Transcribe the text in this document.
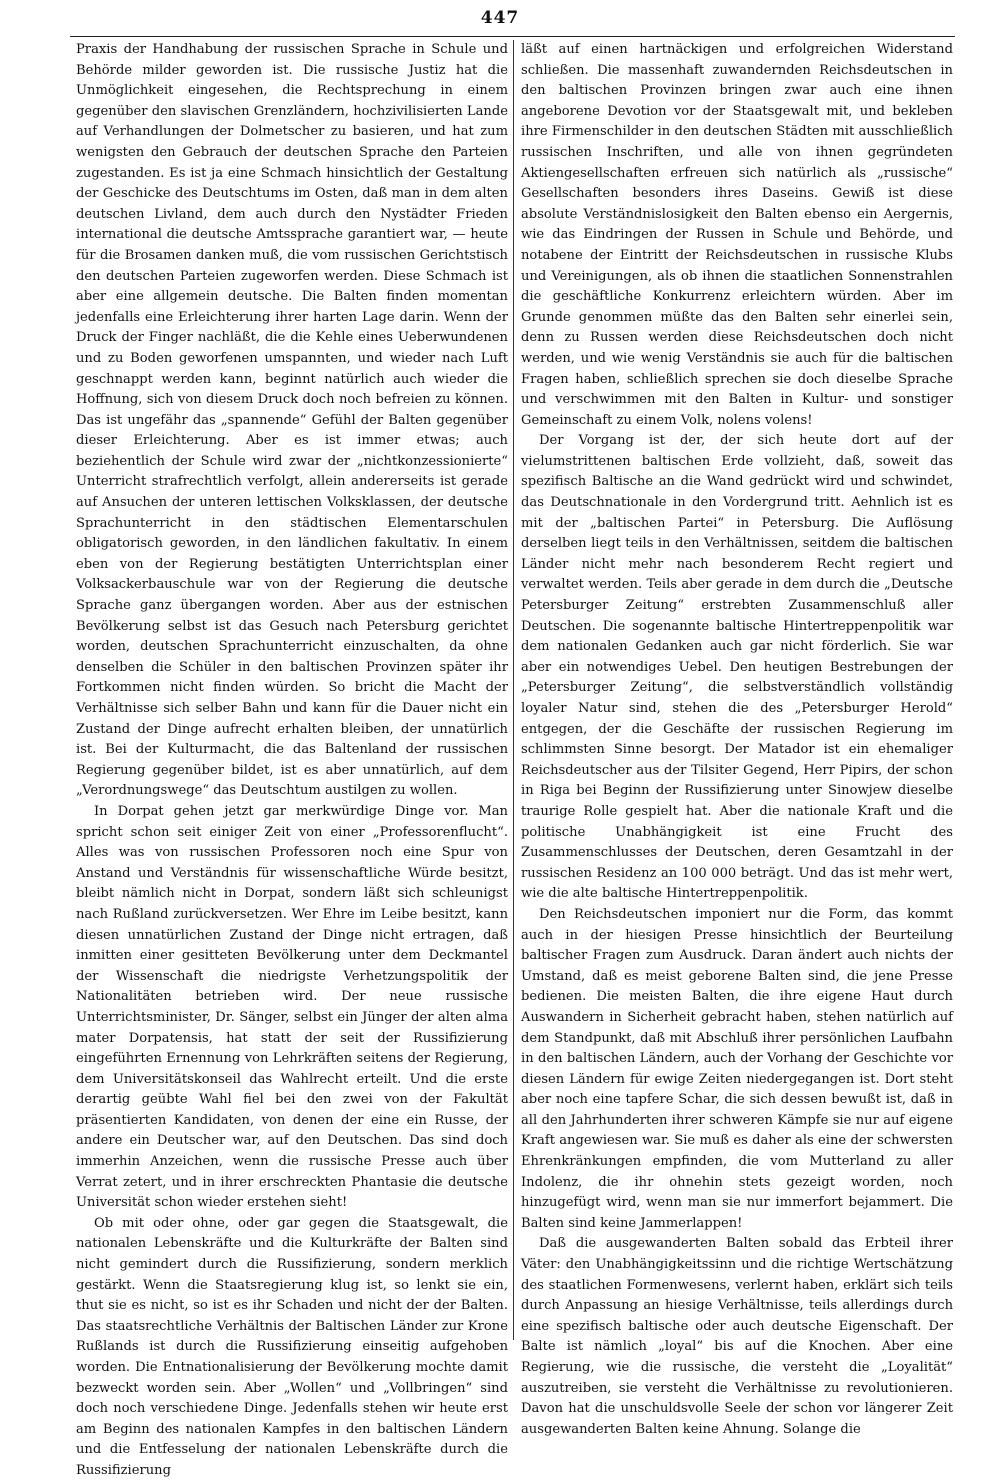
447

Praxis der Handhabung der russischen Sprache in Schule und Behörde milder geworden ist. Die russische Justiz hat die Unmöglichkeit eingesehen, die Rechtsprechung in einem gegenüber den slavischen Grenzländern, hochzivilisierten Lande auf Verhandlungen der Dolmetscher zu basieren, und hat zum wenigsten den Gebrauch der deutschen Sprache den Parteien zugestanden. Es ist ja eine Schmach hinsichtlich der Gestaltung der Geschicke des Deutschtums im Osten, daß man in dem alten deutschen Livland, dem auch durch den Nystädter Frieden international die deutsche Amtssprache garantiert war, — heute für die Brosamen danken muß, die vom russischen Gerichtstisch den deutschen Parteien zugeworfen werden. Diese Schmach ist aber eine allgemein deutsche. Die Balten finden momentan jedenfalls eine Erleichterung ihrer harten Lage darin. Wenn der Druck der Finger nachläßt, die die Kehle eines Ueberwundenen und zu Boden geworfenen umspannten, und wieder nach Luft geschnappt werden kann, beginnt natürlich auch wieder die Hoffnung, sich von diesem Druck doch noch befreien zu können. Das ist ungefähr das „spannende“ Gefühl der Balten gegenüber dieser Erleichterung. Aber es ist immer etwas; auch beziehentlich der Schule wird zwar der „nichtkonzessionierte“ Unterricht strafrechtlich verfolgt, allein andererseits ist gerade auf Ansuchen der unteren lettischen Volksklassen, der deutsche Sprachunterricht in den städtischen Elementarschulen obligatorisch geworden, in den ländlichen fakultativ. In einem eben von der Regierung bestätigten Unterrichtsplan einer Volksackerbauschule war von der Regierung die deutsche Sprache ganz übergangen worden. Aber aus der estnischen Bevölkerung selbst ist das Gesuch nach Petersburg gerichtet worden, deutschen Sprachunterricht einzuschalten, da ohne denselben die Schüler in den baltischen Provinzen später ihr Fortkommen nicht finden würden. So bricht die Macht der Verhältnisse sich selber Bahn und kann für die Dauer nicht ein Zustand der Dinge aufrecht erhalten bleiben, der unnatürlich ist. Bei der Kulturmacht, die das Baltenland der russischen Regierung gegenüber bildet, ist es aber unnatürlich, auf dem „Verordnungswege“ das Deutschtum austilgen zu wollen.

In Dorpat gehen jetzt gar merkwürdige Dinge vor. Man spricht schon seit einiger Zeit von einer „Professorenflucht“. Alles was von russischen Professoren noch eine Spur von Anstand und Verständnis für wissenschaftliche Würde besitzt, bleibt nämlich nicht in Dorpat, sondern läßt sich schleunigst nach Rußland zurückversetzen. Wer Ehre im Leibe besitzt, kann diesen unnatürlichen Zustand der Dinge nicht ertragen, daß inmitten einer gesitteten Bevölkerung unter dem Deckmantel der Wissenschaft die niedrigste Verhetzungspolitik der Nationalitäten betrieben wird. Der neue russische Unterrichtsminister, Dr. Sänger, selbst ein Jünger der alten alma mater Dorpatensis, hat statt der seit der Russifizierung eingeführten Ernennung von Lehrkräften seitens der Regierung, dem Universitätskonseil das Wahlrecht erteilt. Und die erste derartig geübte Wahl fiel bei den zwei von der Fakultät präsentierten Kandidaten, von denen der eine ein Russe, der andere ein Deutscher war, auf den Deutschen. Das sind doch immerhin Anzeichen, wenn die russische Presse auch über Verrat zetert, und in ihrer erschreckten Phantasie die deutsche Universität schon wieder erstehen sieht!

Ob mit oder ohne, oder gar gegen die Staatsgewalt, die nationalen Lebenskräfte und die Kulturkräfte der Balten sind nicht gemindert durch die Russifizierung, sondern merklich gestärkt. Wenn die Staatsregierung klug ist, so lenkt sie ein, thut sie es nicht, so ist es ihr Schaden und nicht der der Balten. Das staatsrechtliche Verhältnis der Baltischen Länder zur Krone Rußlands ist durch die Russifizierung einseitig aufgehoben worden. Die Entnationalisierung der Bevölkerung mochte damit bezweckt worden sein. Aber „Wollen“ und „Vollbringen“ sind doch noch verschiedene Dinge. Jedenfalls stehen wir heute erst am Beginn des nationalen Kampfes in den baltischen Ländern und die Entfesselung der nationalen Lebenskräfte durch die Russifizierung

läßt auf einen hartnäckigen und erfolgreichen Widerstand schließen. Die massenhaft zuwandernden Reichsdeutschen in den baltischen Provinzen bringen zwar auch eine ihnen angeborene Devotion vor der Staatsgewalt mit, und bekleben ihre Firmenschilder in den deutschen Städten mit ausschließlich russischen Inschriften, und alle von ihnen gegründeten Aktiengesellschaften erfreuen sich natürlich als „russische“ Gesellschaften besonders ihres Daseins. Gewiß ist diese absolute Verständnislosigkeit den Balten ebenso ein Aergernis, wie das Eindringen der Russen in Schule und Behörde, und notabene der Eintritt der Reichsdeutschen in russische Klubs und Vereinigungen, als ob ihnen die staatlichen Sonnenstrahlen die geschäftliche Konkurrenz erleichtern würden. Aber im Grunde genommen müßte das den Balten sehr einerlei sein, denn zu Russen werden diese Reichsdeutschen doch nicht werden, und wie wenig Verständnis sie auch für die baltischen Fragen haben, schließlich sprechen sie doch dieselbe Sprache und verschwimmen mit den Balten in Kultur- und sonstiger Gemeinschaft zu einem Volk, nolens volens!

Der Vorgang ist der, der sich heute dort auf der vielumstrittenen baltischen Erde vollzieht, daß, soweit das spezifisch Baltische an die Wand gedrückt wird und schwindet, das Deutschnationale in den Vordergrund tritt. Aehnlich ist es mit der „baltischen Partei“ in Petersburg. Die Auflösung derselben liegt teils in den Verhältnissen, seitdem die baltischen Länder nicht mehr nach besonderem Recht regiert und verwaltet werden. Teils aber gerade in dem durch die „Deutsche Petersburger Zeitung“ erstrebten Zusammenschluß aller Deutschen. Die sogenannte baltische Hintertreppenpolitik war dem nationalen Gedanken auch gar nicht förderlich. Sie war aber ein notwendiges Uebel. Den heutigen Bestrebungen der „Petersburger Zeitung“, die selbstverständlich vollständig loyaler Natur sind, stehen die des „Petersburger Herold“ entgegen, der die Geschäfte der russischen Regierung im schlimmsten Sinne besorgt. Der Matador ist ein ehemaliger Reichsdeutscher aus der Tilsiter Gegend, Herr Pipirs, der schon in Riga bei Beginn der Russifizierung unter Sinowjew dieselbe traurige Rolle gespielt hat. Aber die nationale Kraft und die politische Unabhängigkeit ist eine Frucht des Zusammenschlusses der Deutschen, deren Gesamtzahl in der russischen Residenz an 100 000 beträgt. Und das ist mehr wert, wie die alte baltische Hintertreppenpolitik.

Den Reichsdeutschen imponiert nur die Form, das kommt auch in der hiesigen Presse hinsichtlich der Beurteilung baltischer Fragen zum Ausdruck. Daran ändert auch nichts der Umstand, daß es meist geborene Balten sind, die jene Presse bedienen. Die meisten Balten, die ihre eigene Haut durch Auswandern in Sicherheit gebracht haben, stehen natürlich auf dem Standpunkt, daß mit Abschluß ihrer persönlichen Laufbahn in den baltischen Ländern, auch der Vorhang der Geschichte vor diesen Ländern für ewige Zeiten niedergegangen ist. Dort steht aber noch eine tapfere Schar, die sich dessen bewußt ist, daß in all den Jahrhunderten ihrer schweren Kämpfe sie nur auf eigene Kraft angewiesen war. Sie muß es daher als eine der schwersten Ehrenkränkungen empfinden, die vom Mutterland zu aller Indolenz, die ihr ohnehin stets gezeigt worden, noch hinzugefügt wird, wenn man sie nur immerfort bejammert. Die Balten sind keine Jammerlappen!

Daß die ausgewanderten Balten sobald das Erbteil ihrer Väter: den Unabhängigkeitssinn und die richtige Wertschätzung des staatlichen Formenwesens, verlernt haben, erklärt sich teils durch Anpassung an hiesige Verhältnisse, teils allerdings durch eine spezifisch baltische oder auch deutsche Eigenschaft. Der Balte ist nämlich „loyal“ bis auf die Knochen. Aber eine Regierung, wie die russische, die versteht die „Loyalität“ auszutreiben, sie versteht die Verhältnisse zu revolutionieren. Davon hat die unschuldsvolle Seele der schon vor längerer Zeit ausgewanderten Balten keine Ahnung. Solange die
